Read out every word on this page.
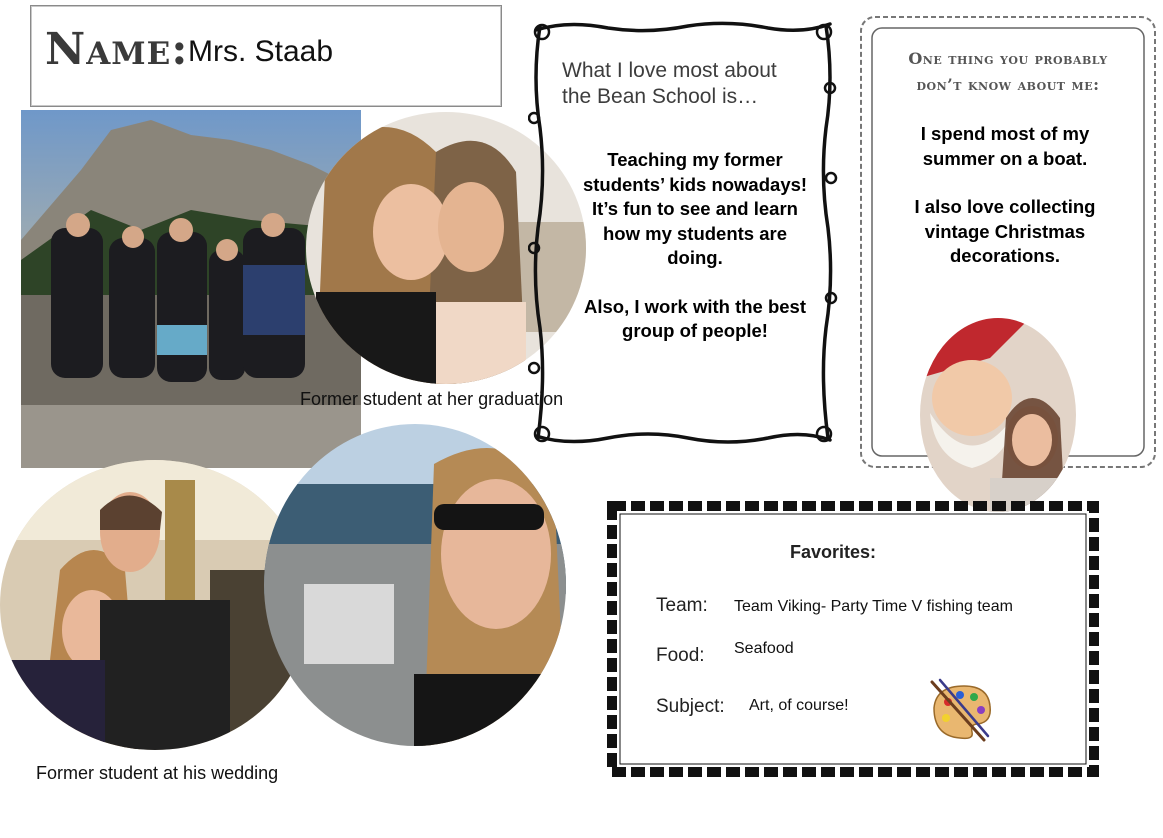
Name: Mrs. Staab
Former student at her graduation
Former student at his wedding
What I love most about
the Bean School is…

Teaching my former students’ kids nowadays! It’s fun to see and learn how my students are doing.

Also, I work with the best group of people!

One thing you probably
don’t know about me:

I spend most of my summer on a boat.

I also love collecting vintage Christmas decorations.

Favorites:
Team: Team Viking- Party Time V fishing team
Food: Seafood
Subject: Art, of course!
